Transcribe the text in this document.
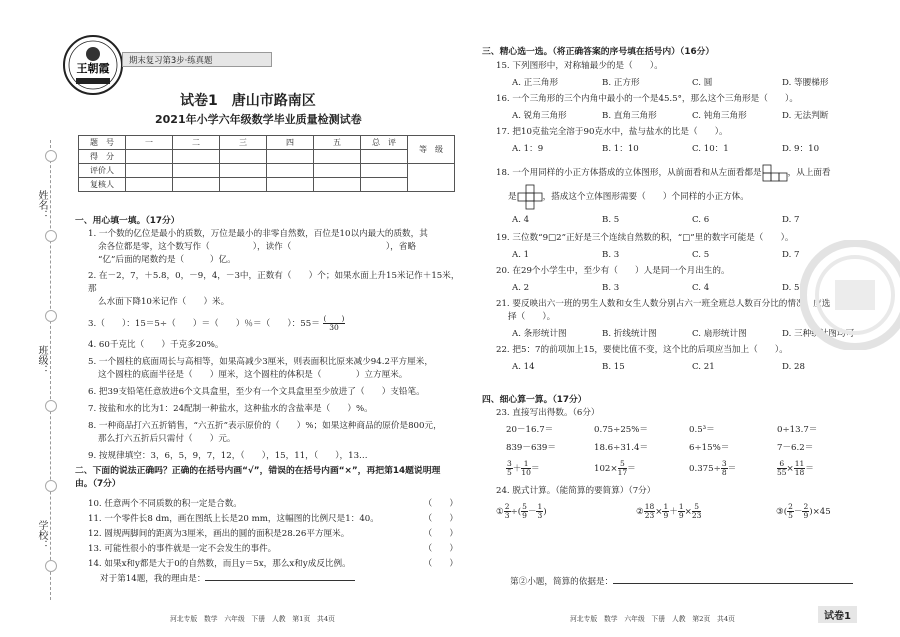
姓名：
班级：
学校：
王朝霞
期末复习第3步·练真题
试卷1　唐山市路南区
2021年小学六年级数学毕业质量检测试卷
题　号	一	二	三	四	五	总　评	等　级
得　分							
评价人							
复核人							
一、用心填一填。（17分）
1. 一个数的亿位是最小的质数，万位是最小的非零自然数，百位是10以内最大的质数，其
余各位都是零，这个数写作（　　　　　），读作（　　　　　　　　　　　），省略
“亿”后面的尾数约是（　　　）亿。
2. 在－2，7，＋5.8，0，－9，4，－3中，正数有（　　）个；如果水面上升15米记作＋15米，那
么水面下降10米记作（　　）米。
3.（　　）：15＝5÷（　　）＝（　　）％＝（　　）：$55= \frac{( )}{30}$
4. 60千克比（　　）千克多20%。
5. 一个圆柱的底面周长与高相等，如果高减少3厘米，则表面积比原来减少94.2平方厘米，
这个圆柱的底面半径是（　　）厘米，这个圆柱的体积是（　　　　）立方厘米。
6. 把39支铅笔任意放进6个文具盒里，至少有一个文具盒里至少放进了（　　）支铅笔。
7. 按盐和水的比为1：24配制一种盐水，这种盐水的含盐率是（　　）%。
8. 一种商品打六五折销售，“六五折”表示原价的（　　）%；如果这种商品的原价是800元，
那么打六五折后只需付（　　）元。
9. 按规律填空：3，6，5，9，7，12，（　　），15，11，（　　），13…
二、下面的说法正确吗？正确的在括号内画“√”，错误的在括号内画“×”，再把第14题说明理
由。（7分）
10. 任意两个不同质数的积一定是合数。	（　　）
11. 一个零件长8 dm，画在图纸上长是20 mm，这幅图的比例尺是1：40。	（　　）
12. 圆规两脚间的距离为3厘米，画出的圆的面积是28.26平方厘米。	（　　）
13. 可能性很小的事件就是一定不会发生的事件。	（　　）
14. 如果x和y都是大于0的自然数，而且y＝5x，那么x和y成反比例。	（　　）
对于第14题，我的理由是：
河北专版　数学　六年级　下册　人教　第1页　共4页
三、精心选一选。（将正确答案的序号填在括号内）（16分）
15. 下列图形中，对称轴最少的是（　　）。
A. 正三角形	B. 正方形	C. 圆	D. 等腰梯形
16. 一个三角形的三个内角中最小的一个是45.5°，那么这个三角形是（　　）。
A. 锐角三角形	B. 直角三角形	C. 钝角三角形	D. 无法判断
17. 把10克盐完全溶于90克水中，盐与盐水的比是（　　）。
A. 1：9	B. 1：10	C. 10：1	D. 9：10
18. 一个用同样的小正方体搭成的立体图形，从前面看和从左面看都是	，从上面看
是	，搭成这个立体图形需要（　　）个同样的小正方体。
A. 4	B. 5	C. 6	D. 7
19. 三位数“9□2”正好是三个连续自然数的积，“□”里的数字可能是（　　）。
A. 1	B. 3	C. 5	D. 7
20. 在29个小学生中，至少有（　　）人是同一个月出生的。
A. 2	B. 3	C. 4	D. 5
21. 要反映出六一班的男生人数和女生人数分别占六一班全班总人数百分比的情况，应选
择（　　）。
A. 条形统计图	B. 折线统计图	C. 扇形统计图	D. 三种统计图均可
22. 把5：7的前项加上15，要使比值不变，这个比的后项应当加上（　　）。
A. 14	B. 15	C. 21	D. 28
四、细心算一算。（17分）
23. 直接写出得数。（6分）
20－16.7＝	0.75÷25%＝	0.5³＝	0÷13.7＝
839－639＝	18.6÷31.4＝	6÷15%＝	7－6.2＝
$\frac{3}{5} + \frac{1}{10}$ ＝	$102\times \frac{5}{17}$ ＝	$0.375\div \frac{3}{8}$ ＝	$\frac{6}{55} \times \frac{11}{18}$ ＝
24. 脱式计算。（能简算的要简算）（7分）
① $\frac{2}{3}$ ÷( $\frac{5}{9} - \frac{1}{3}$ )	② $\frac{18}{23} \times \frac{1}{9} + \frac{1}{9} \times \frac{5}{23}$	③( $\frac{2}{5} - \frac{2}{9} )\times 45$
第②小题，简算的依据是：
河北专版　数学　六年级　下册　人教　第2页　共4页	试卷1
